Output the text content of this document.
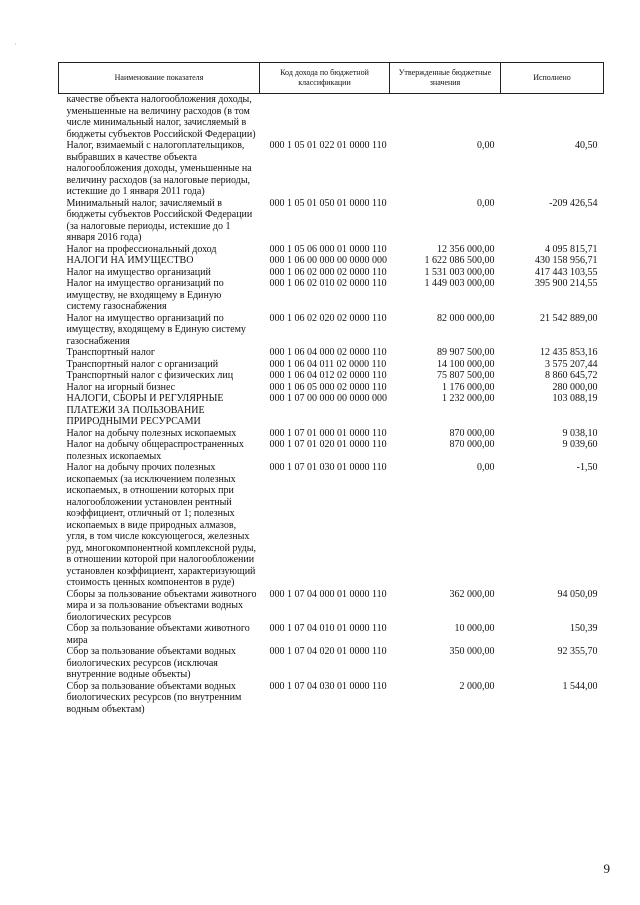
·
Наименование показателя	Код дохода по бюджетной классификации	Утвержденные бюджетные значения	Исполнено
качестве объекта налогообложения доходы, уменьшенные на величину расходов (в том числе минимальный налог, зачисляемый в бюджеты субъектов Российской Федерации)			
Налог, взимаемый с налогоплательщиков, выбравших в качестве объекта налогообложения доходы, уменьшенные на величину расходов (за налоговые периоды, истекшие до 1 января 2011 года)	000 1 05 01 022 01 0000 110	0,00	40,50
Минимальный налог, зачисляемый в бюджеты субъектов Российской Федерации (за налоговые периоды, истекшие до 1 января 2016 года)	000 1 05 01 050 01 0000 110	0,00	-209 426,54
Налог на профессиональный доход	000 1 05 06 000 01 0000 110	12 356 000,00	4 095 815,71
НАЛОГИ НА ИМУЩЕСТВО	000 1 06 00 000 00 0000 000	1 622 086 500,00	430 158 956,71
Налог на имущество организаций	000 1 06 02 000 02 0000 110	1 531 003 000,00	417 443 103,55
Налог на имущество организаций по имуществу, не входящему в Единую систему газоснабжения	000 1 06 02 010 02 0000 110	1 449 003 000,00	395 900 214,55
Налог на имущество организаций по имуществу, входящему в Единую систему газоснабжения	000 1 06 02 020 02 0000 110	82 000 000,00	21 542 889,00
Транспортный налог	000 1 06 04 000 02 0000 110	89 907 500,00	12 435 853,16
Транспортный налог с организаций	000 1 06 04 011 02 0000 110	14 100 000,00	3 575 207,44
Транспортный налог с физических лиц	000 1 06 04 012 02 0000 110	75 807 500,00	8 860 645,72
Налог на игорный бизнес	000 1 06 05 000 02 0000 110	1 176 000,00	280 000,00
НАЛОГИ, СБОРЫ И РЕГУЛЯРНЫЕ ПЛАТЕЖИ ЗА ПОЛЬЗОВАНИЕ ПРИРОДНЫМИ РЕСУРСАМИ	000 1 07 00 000 00 0000 000	1 232 000,00	103 088,19
Налог на добычу полезных ископаемых	000 1 07 01 000 01 0000 110	870 000,00	9 038,10
Налог на добычу общераспространенных полезных ископаемых	000 1 07 01 020 01 0000 110	870 000,00	9 039,60
Налог на добычу прочих полезных ископаемых (за исключением полезных ископаемых, в отношении которых при налогообложении установлен рентный коэффициент, отличный от 1; полезных ископаемых в виде природных алмазов, угля, в том числе коксующегося, железных руд, многокомпонентной комплексной руды, в отношении которой при налогообложении установлен коэффициент, характеризующий стоимость ценных компонентов в руде)	000 1 07 01 030 01 0000 110	0,00	-1,50
Сборы за пользование объектами животного мира и за пользование объектами водных биологических ресурсов	000 1 07 04 000 01 0000 110	362 000,00	94 050,09
Сбор за пользование объектами животного мира	000 1 07 04 010 01 0000 110	10 000,00	150,39
Сбор за пользование объектами водных биологических ресурсов (исключая внутренние водные объекты)	000 1 07 04 020 01 0000 110	350 000,00	92 355,70
Сбор за пользование объектами водных биологических ресурсов (по внутренним водным объектам)	000 1 07 04 030 01 0000 110	2 000,00	1 544,00
9
